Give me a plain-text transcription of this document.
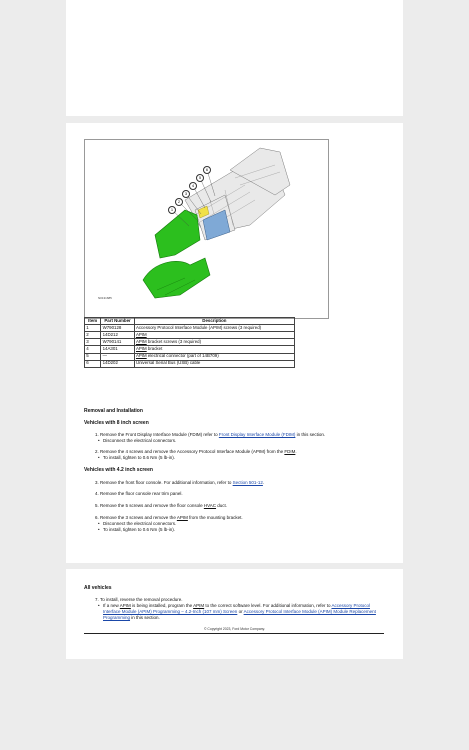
6
5
4
3
2
1
N0131685
Item	Part Number	Description
1	W790128	Accessory Protocol Interface Module (APIM) screws (3 required)
2	14D212	APIM
3	W790141	APIM bracket screws (3 required)
4	14A301	APIM bracket
5	—	APIM electrical connector (part of 14B709)
6	14D202	Universal Serial Bus (USB) cable
Removal and Installation
Vehicles with 8 inch screen
1. Remove the Front Display Interface Module (FDIM) refer to Front Display Interface Module (FDIM) in this section.
• Disconnect the electrical connectors.
2. Remove the 4 screws and remove the Accessory Protocol Interface Module (APIM) from the FDIM.
• To install, tighten to 0.6 Nm (5 lb-in).
Vehicles with 4.2 inch screen
3. Remove the front floor console. For additional information, refer to Section 501-12.
4. Remove the floor console rear trim panel.
5. Remove the 5 screws and remove the floor console HVAC duct.
6. Remove the 3 screws and remove the APIM from the mounting bracket.
• Disconnect the electrical connectors.
• To install, tighten to 0.6 Nm (5 lb-in).
All vehicles
7. To install, reverse the removal procedure.
• If a new APIM is being installed, program the APIM to the correct software level. For additional information, refer to Accessory Protocol Interface Module (APIM) Programming – 4.2-Inch (107 mm) Screen or Accessory Protocol Interface Module (APIM) Module Replacement Programming in this section.
© Copyright 2023, Ford Motor Company.
